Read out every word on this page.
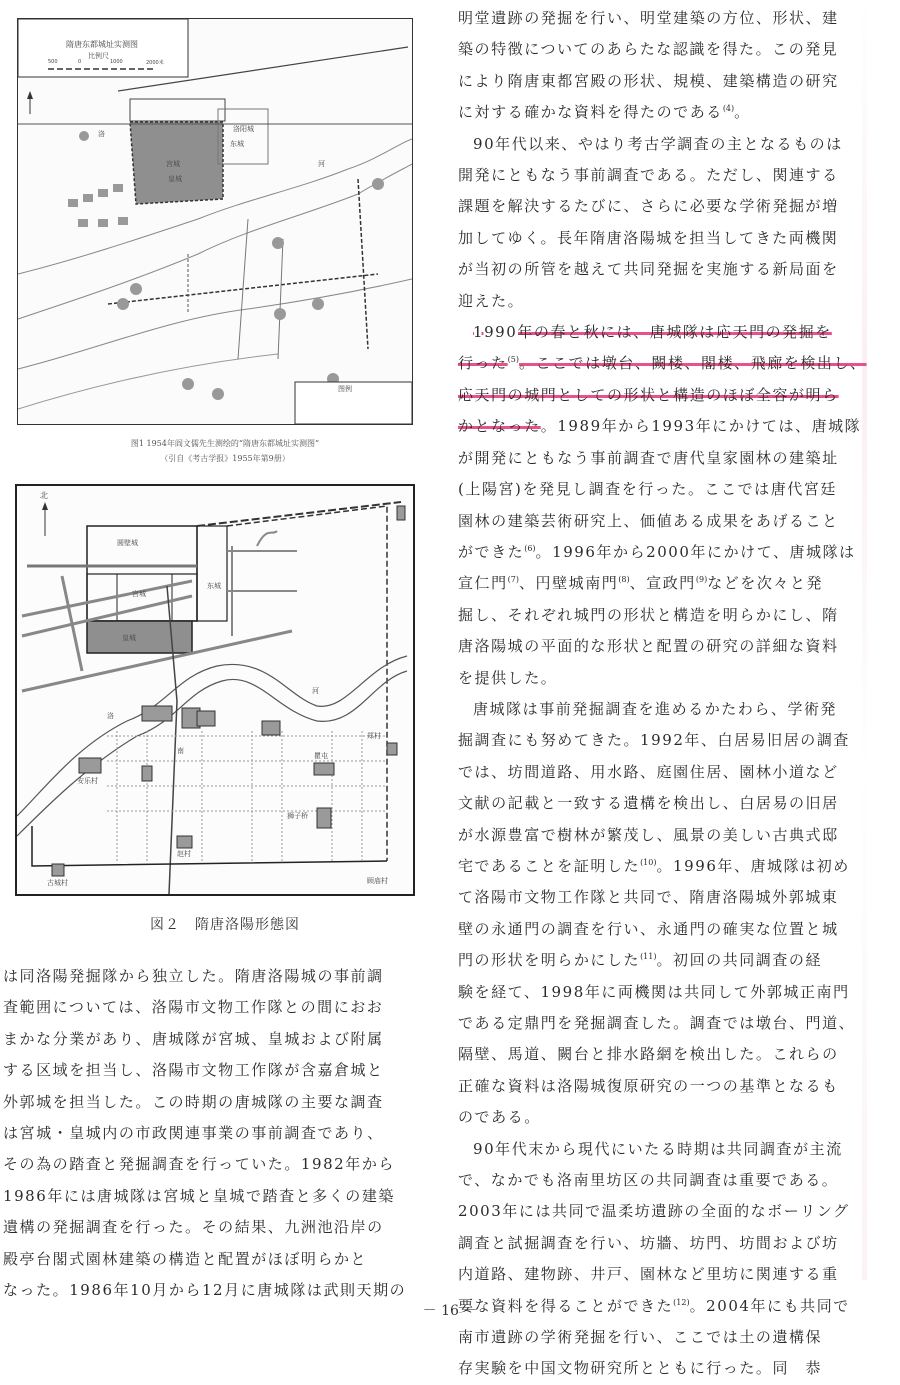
隋唐东都城址实测图
比例尺
500	0	1000	2000米
宫城
皇城
洛阳城
东城
洛
河
图例
图1 1954年阎文儒先生测绘的“隋唐东都城址实测图”
（引自《考古学报》1955年第9册）
北
圆壁城
宫城
皇城
东城
洛
河
安乐村
郑村
狮子桥
赵村
瞿屯
古城村	顾庙村
南
図２　隋唐洛陽形態図

は同洛陽発掘隊から独立した。隋唐洛陽城の事前調

査範囲については、洛陽市文物工作隊との間におお

まかな分業があり、唐城隊が宮城、皇城および附属

する区域を担当し、洛陽市文物工作隊が含嘉倉城と

外郭城を担当した。この時期の唐城隊の主要な調査

は宮城・皇城内の市政関連事業の事前調査であり、

その為の踏査と発掘調査を行っていた。1982年から

1986年には唐城隊は宮城と皇城で踏査と多くの建築

遺構の発掘調査を行った。その結果、九洲池沿岸の

殿亭台閣式園林建築の構造と配置がほぼ明らかと

なった。1986年10月から12月に唐城隊は武則天期の

明堂遺跡の発掘を行い、明堂建築の方位、形状、建

築の特徴についてのあらたな認識を得た。この発見

により隋唐東都宮殿の形状、規模、建築構造の研究

に対する確かな資料を得たのである$^{(4)}$。

90年代以来、やはり考古学調査の主となるものは

開発にともなう事前調査である。ただし、関連する

課題を解決するたびに、さらに必要な学術発掘が増

加してゆく。長年隋唐洛陽城を担当してきた両機関

が当初の所管を越えて共同発掘を実施する新局面を

迎えた。

1990年の春と秋には、唐城隊は応天門の発掘を

行った$^{(5)}$。ここでは墩台、闕楼、閣楼、飛廊を検出し、

応天門の城門としての形状と構造のほぼ全容が明ら

かとなった。1989年から1993年にかけては、唐城隊

が開発にともなう事前調査で唐代皇家園林の建築址

(上陽宮)を発見し調査を行った。ここでは唐代宮廷

園林の建築芸術研究上、価値ある成果をあげること

ができた$^{(6)}$。1996年から2000年にかけて、唐城隊は

宣仁門$^{(7)}$、円壁城南門$^{(8)}$、宣政門$^{(9)}$などを次々と発

掘し、それぞれ城門の形状と構造を明らかにし、隋

唐洛陽城の平面的な形状と配置の研究の詳細な資料

を提供した。

唐城隊は事前発掘調査を進めるかたわら、学術発

掘調査にも努めてきた。1992年、白居易旧居の調査

では、坊間道路、用水路、庭園住居、園林小道など

文献の記載と一致する遺構を検出し、白居易の旧居

が水源豊富で樹林が繁茂し、風景の美しい古典式邸

宅であることを証明した$^{(10)}$。1996年、唐城隊は初め

て洛陽市文物工作隊と共同で、隋唐洛陽城外郭城東

壁の永通門の調査を行い、永通門の確実な位置と城

門の形状を明らかにした$^{(11)}$。初回の共同調査の経

験を経て、1998年に両機関は共同して外郭城正南門

である定鼎門を発掘調査した。調査では墩台、門道、

隔壁、馬道、闕台と排水路網を検出した。これらの

正確な資料は洛陽城復原研究の一つの基準となるも

のである。

90年代末から現代にいたる時期は共同調査が主流

で、なかでも洛南里坊区の共同調査は重要である。

2003年には共同で温柔坊遺跡の全面的なボーリング

調査と試掘調査を行い、坊牆、坊門、坊間および坊

内道路、建物跡、井戸、園林など里坊に関連する重

要な資料を得ることができた$^{(12)}$。2004年にも共同で

南市遺跡の学術発掘を行い、ここでは土の遺構保

存実験を中国文物研究所とともに行った。同　恭

－ 16 －
